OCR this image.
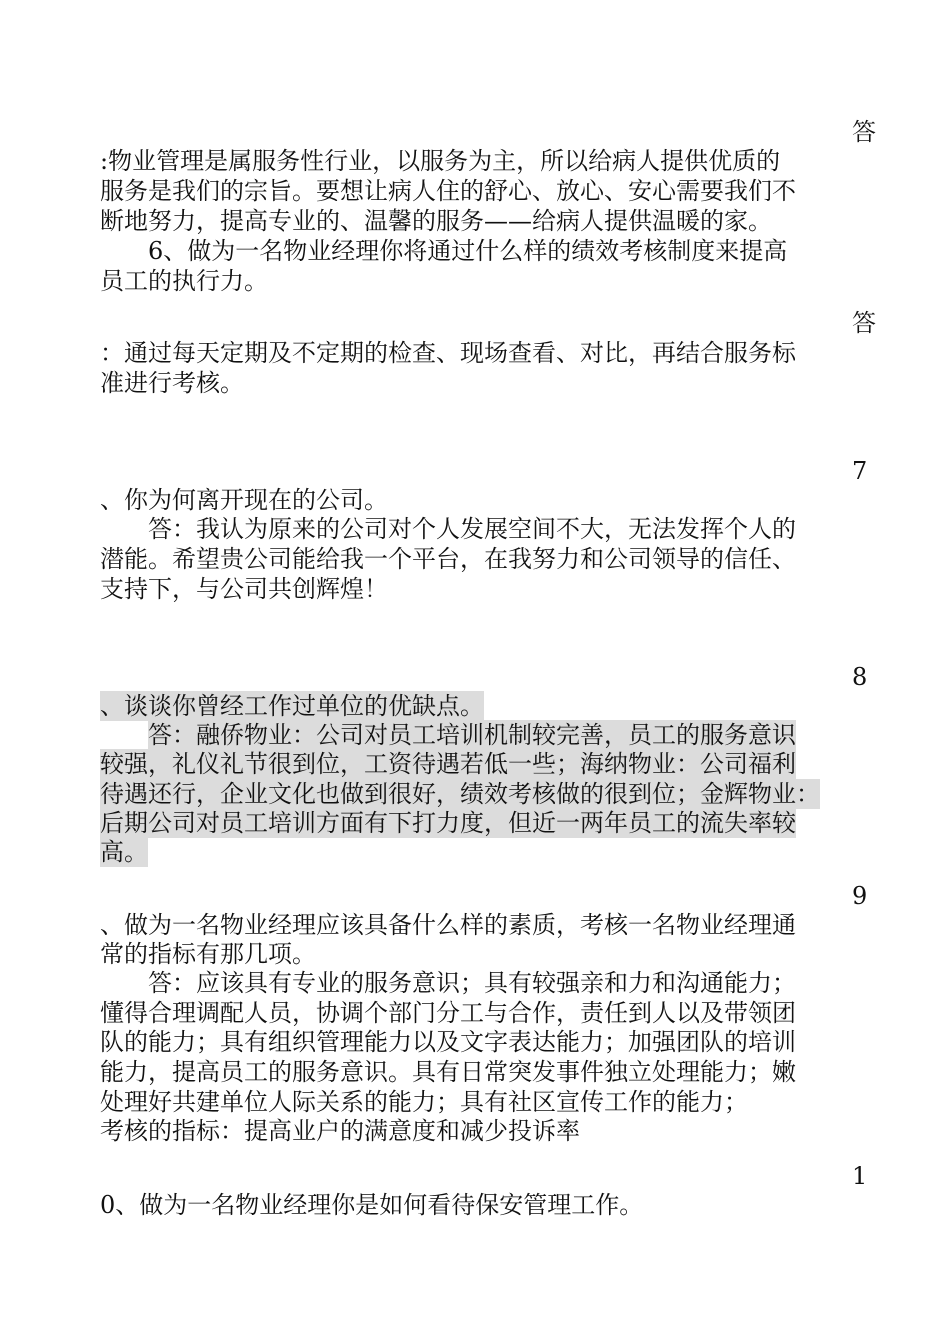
答
:物业管理是属服务性行业，以服务为主，所以给病人提供优质的
服务是我们的宗旨。要想让病人住的舒心、放心、安心需要我们不
断地努力，提高专业的、温馨的服务——给病人提供温暖的家。
6、做为一名物业经理你将通过什么样的绩效考核制度来提高
员工的执行力。
答
：通过每天定期及不定期的检查、现场查看、对比，再结合服务标
准进行考核。
7
、你为何离开现在的公司。
答：我认为原来的公司对个人发展空间不大，无法发挥个人的
潜能。希望贵公司能给我一个平台，在我努力和公司领导的信任、
支持下，与公司共创辉煌！
8
、谈谈你曾经工作过单位的优缺点。
答：融侨物业：公司对员工培训机制较完善，员工的服务意识
较强，礼仪礼节很到位，工资待遇若低一些；海纳物业：公司福利
待遇还行，企业文化也做到很好，绩效考核做的很到位；金辉物业：
后期公司对员工培训方面有下打力度，但近一两年员工的流失率较
高。
9
、做为一名物业经理应该具备什么样的素质，考核一名物业经理通
常的指标有那几项。
答：应该具有专业的服务意识；具有较强亲和力和沟通能力；
懂得合理调配人员，协调个部门分工与合作，责任到人以及带领团
队的能力；具有组织管理能力以及文字表达能力；加强团队的培训
能力，提高员工的服务意识。具有日常突发事件独立处理能力；嫩
处理好共建单位人际关系的能力；具有社区宣传工作的能力；
考核的指标：提高业户的满意度和减少投诉率
1
0、做为一名物业经理你是如何看待保安管理工作。
